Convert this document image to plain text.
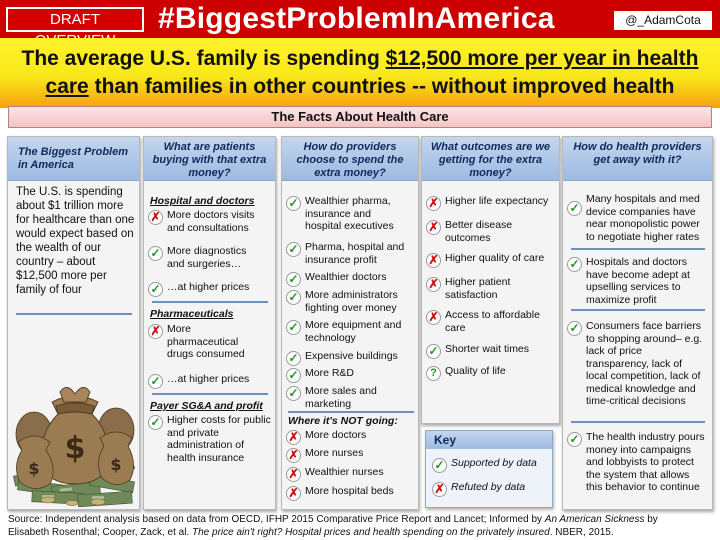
DRAFT	#BiggestProblemInAmerica	@_AdamCota
The average U.S. family is spending $12,500 more per year in health
care than families in other countries -- without improved health
The Facts About Health Care
The Biggest Problem in America
The U.S. is spending about $1 trillion more for healthcare than one would expect based on the wealth of our country – about $12,500 more per family of four
$
$	$
What are patients buying with that extra money?
Hospital and doctors
✗ More doctors visits and consultations
✓ More diagnostics and surgeries…
✓ …at higher prices
Pharmaceuticals
✗ More pharmaceutical drugs consumed
✓ …at higher prices
Payer SG&A and profit
✓ Higher costs for public and private administration of health insurance
How do providers choose to spend the extra money?
✓ Wealthier pharma, insurance and hospital executives
✓ Pharma, hospital and insurance profit
✓ Wealthier doctors
✓ More administrators fighting over money
✓ More equipment and technology
✓ Expensive buildings
✓ More R&D
✓ More sales and marketing
Where it's NOT going:
✗ More doctors
✗ More nurses
✗ Wealthier nurses
✗ More hospital beds
What outcomes are we getting for the extra money?
✗ Higher life expectancy
✗ Better disease outcomes
✗ Higher quality of care
✗ Higher patient satisfaction
✗ Access to affordable care
✓ Shorter wait times
? Quality of life
Key
✓ Supported by data
✗ Refuted by data
How do health providers get away with it?
✓
Many hospitals and med device companies have near monopolistic power to negotiate higher rates
✓ Hospitals and doctors have become adept at upselling services to maximize profit
✓ Consumers face barriers to shopping around– e.g. lack of price transparency, lack of local competition, lack of medical knowledge and time-critical decisions
✓ The health industry pours money into campaigns and lobbyists to protect the system that allows this behavior to continue
Source: Independent analysis based on data from OECD, IFHP 2015 Comparative Price Report and Lancet; Informed by An American Sickness by
Elisabeth Rosenthal; Cooper, Zack, et al. The price ain't right? Hospital prices and health spending on the privately insured. NBER, 2015.
